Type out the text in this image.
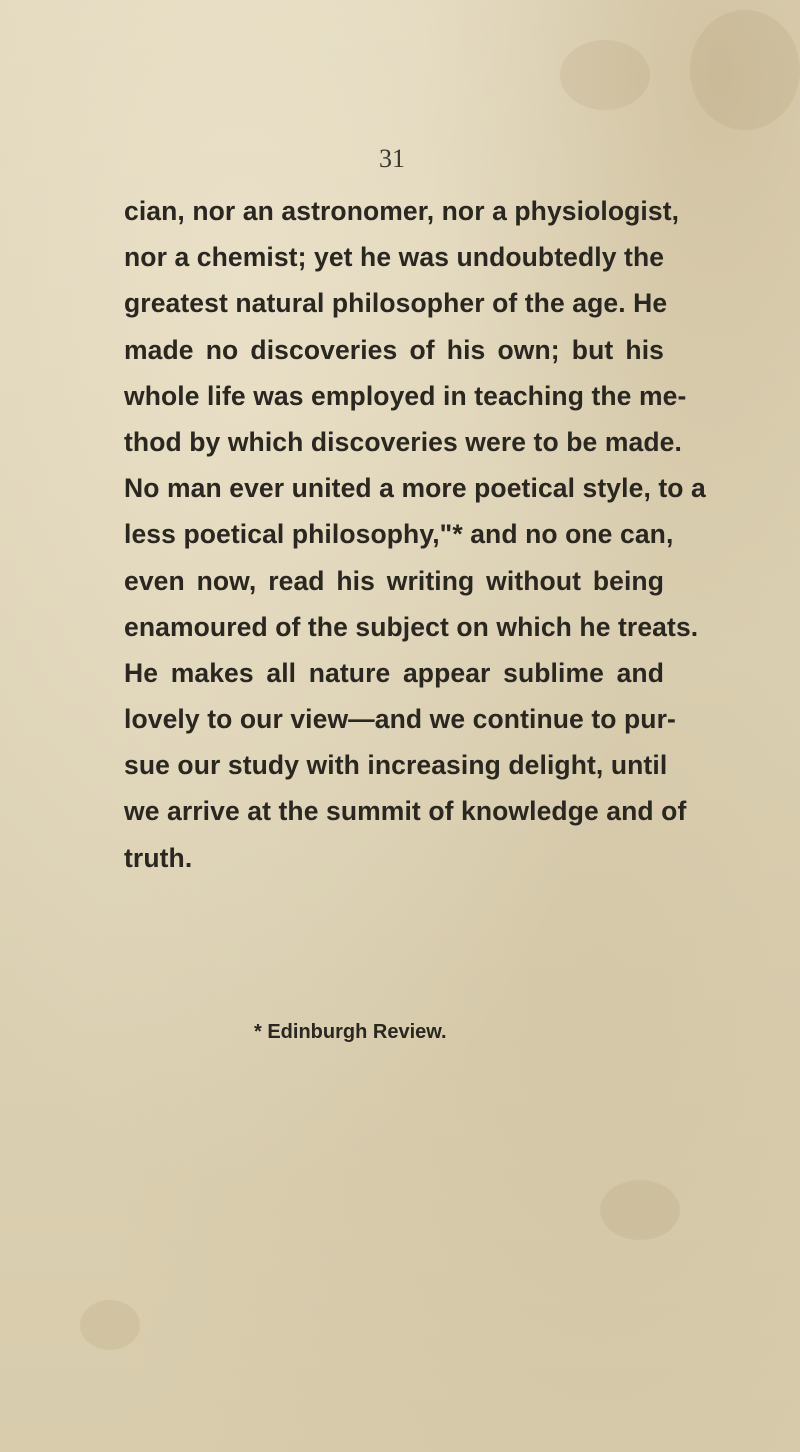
31
cian, nor an astronomer, nor a physiologist,
nor a chemist; yet he was undoubtedly the
greatest natural philosopher of the age. He
made no discoveries of his own; but his
whole life was employed in teaching the me-
thod by which discoveries were to be made.
No man ever united a more poetical style, to a
less poetical philosophy,"* and no one can,
even now, read his writing without being
enamoured of the subject on which he treats.
He makes all nature appear sublime and
lovely to our view—and we continue to pur-
sue our study with increasing delight, until
we arrive at the summit of knowledge and of
truth.
* Edinburgh Review.
